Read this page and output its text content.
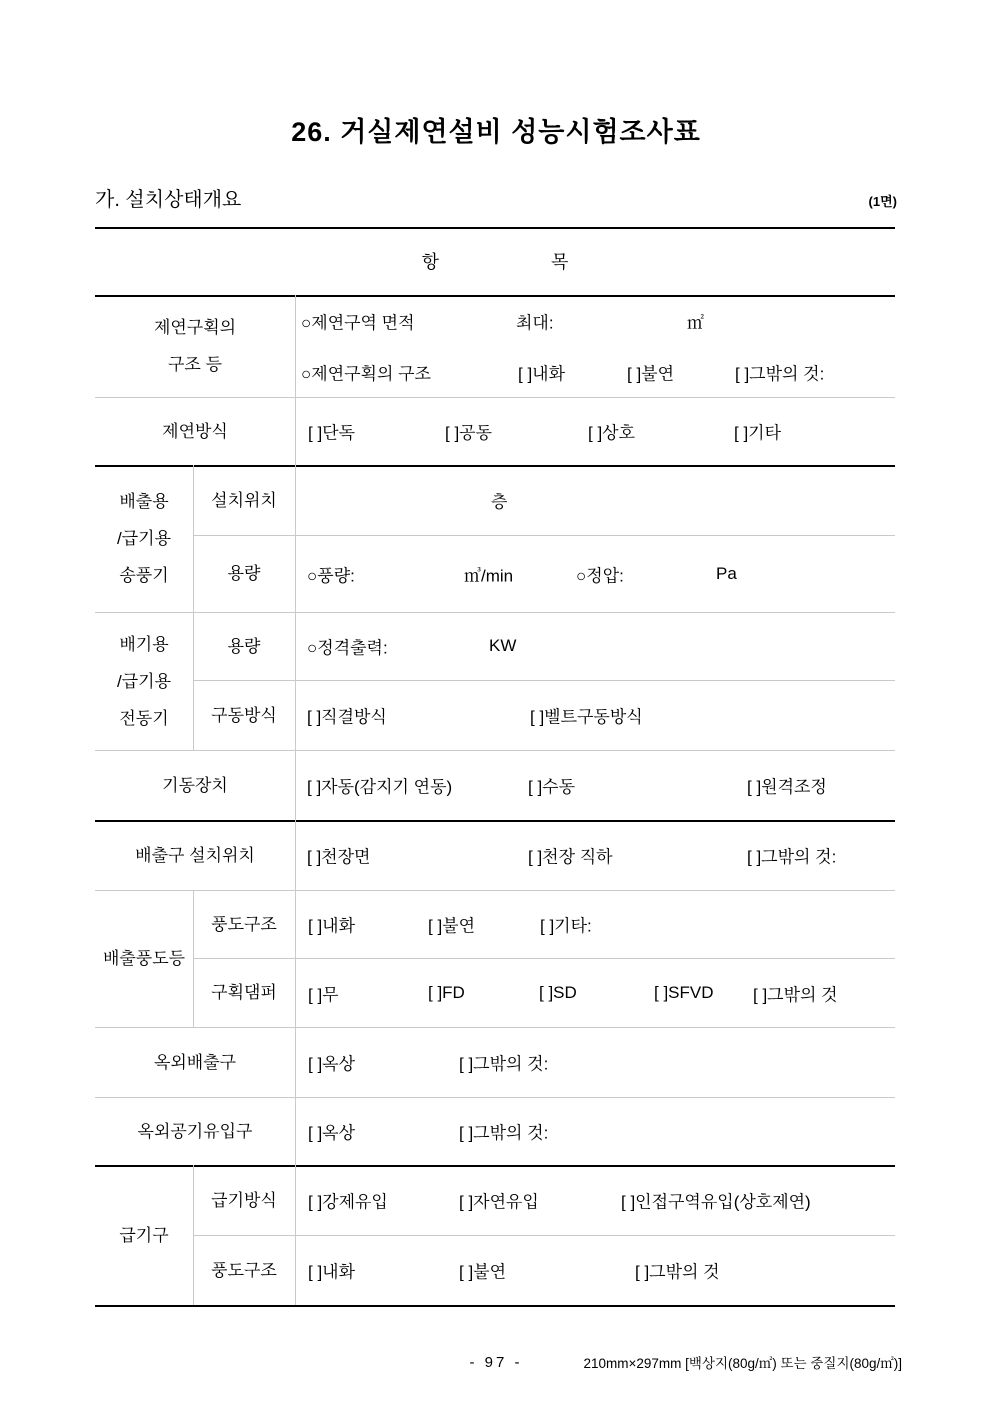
26. 거실제연설비 성능시험조사표
가. 설치상태개요	(1면)
항	목
제연구획의
구조 등
○제연구역 면적	최대:	㎡
○제연구획의 구조	[ ]내화	[ ]불연	[ ]그밖의 것:
제연방식	[ ]단독	[ ]공동	[ ]상호	[ ]기타
배출용
/급기용
송풍기
설치위치	층
용량	○풍량:	㎥/min	○정압:	Pa
배기용
/급기용
전동기
용량	○정격출력:	KW
구동방식	[ ]직결방식	[ ]벨트구동방식
기동장치	[ ]자동(감지기 연동)	[ ]수동	[ ]원격조정
배출구 설치위치	[ ]천장면	[ ]천장 직하	[ ]그밖의 것:
배출풍도등
풍도구조	[ ]내화	[ ]불연	[ ]기타:
구획댐퍼	[ ]무	[ ]FD	[ ]SD	[ ]SFVD [ ]그밖의 것
옥외배출구	[ ]옥상	[ ]그밖의 것:
옥외공기유입구	[ ]옥상	[ ]그밖의 것:
급기구
급기방식	[ ]강제유입	[ ]자연유입	[ ]인접구역유입(상호제연)
풍도구조	[ ]내화	[ ]불연	[ ]그밖의 것
- 97 -	210mm×297mm [백상지(80g/㎡) 또는 중질지(80g/㎡)]
